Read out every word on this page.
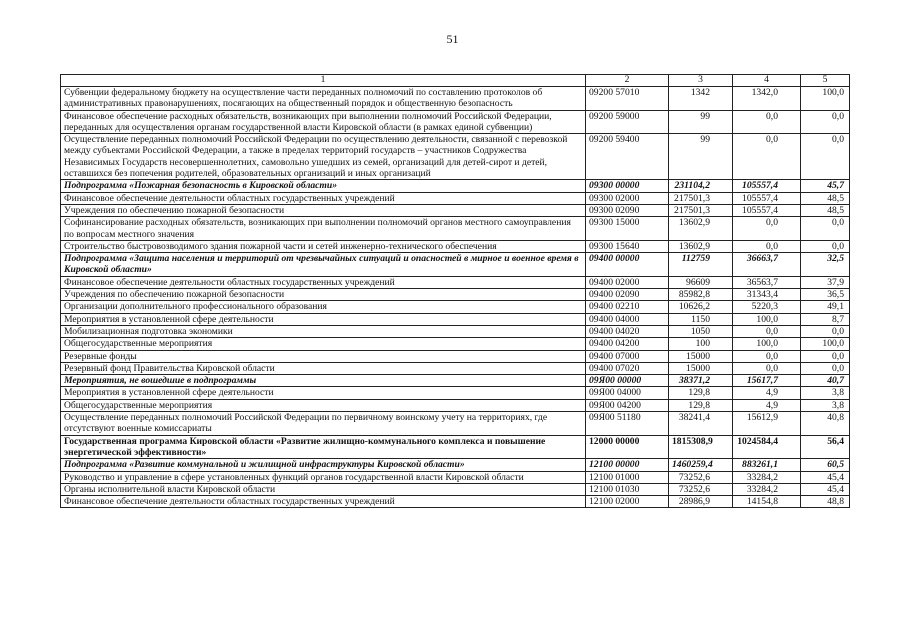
51
1	2	3	4	5
Субвенции федеральному бюджету на осуществление части переданных полномочий по составлению протоколов об административных правонарушениях, посягающих на общественный порядок и общественную безопасность	09200 57010	1342	1342,0	100,0
Финансовое обеспечение расходных обязательств, возникающих при выполнении полномочий Российской Федерации, переданных для осуществления органам государственной власти Кировской области (в рамках единой субвенции)	09200 59000	99	0,0	0,0
Осуществление переданных полномочий Российской Федерации по осуществлению деятельности, связанной с перевозкой между субъектами Российской Федерации, а также в пределах территорий государств – участников Содружества Независимых Государств несовершеннолетних, самовольно ушедших из семей, организаций для детей-сирот и детей, оставшихся без попечения родителей, образовательных организаций и иных организаций	09200 59400	99	0,0	0,0
Подпрограмма «Пожарная безопасность в Кировской области»	09300 00000	231104,2	105557,4	45,7
Финансовое обеспечение деятельности областных государственных учреждений	09300 02000	217501,3	105557,4	48,5
Учреждения по обеспечению пожарной безопасности	09300 02090	217501,3	105557,4	48,5
Софинансирование расходных обязательств, возникающих при выполнении полномочий органов местного самоуправления по вопросам местного значения	09300 15000	13602,9	0,0	0,0
Строительство быстровозводимого здания пожарной части и сетей инженерно-технического обеспечения	09300 15640	13602,9	0,0	0,0
Подпрограмма «Защита населения и территорий от чрезвычайных ситуаций и опасностей в мирное и военное время в Кировской области»	09400 00000	112759	36663,7	32,5
Финансовое обеспечение деятельности областных государственных учреждений	09400 02000	96609	36563,7	37,9
Учреждения по обеспечению пожарной безопасности	09400 02090	85982,8	31343,4	36,5
Организации дополнительного профессионального образования	09400 02210	10626,2	5220,3	49,1
Мероприятия в установленной сфере деятельности	09400 04000	1150	100,0	8,7
Мобилизационная подготовка экономики	09400 04020	1050	0,0	0,0
Общегосударственные мероприятия	09400 04200	100	100,0	100,0
Резервные фонды	09400 07000	15000	0,0	0,0
Резервный фонд Правительства Кировской области	09400 07020	15000	0,0	0,0
Мероприятия, не вошедшие в подпрограммы	09Я00 00000	38371,2	15617,7	40,7
Мероприятия в установленной сфере деятельности	09Я00 04000	129,8	4,9	3,8
Общегосударственные мероприятия	09Я00 04200	129,8	4,9	3,8
Осуществление переданных полномочий Российской Федерации по первичному воинскому учету на территориях, где отсутствуют военные комиссариаты	09Я00 51180	38241,4	15612,9	40,8
Государственная программа Кировской области «Развитие жилищно-коммунального комплекса и повышение энергетической эффективности»	12000 00000	1815308,9	1024584,4	56,4
Подпрограмма «Развитие коммунальной и жилищной инфраструктуры Кировской области»	12100 00000	1460259,4	883261,1	60,5
Руководство и управление в сфере установленных функций органов государственной власти Кировской области	12100 01000	73252,6	33284,2	45,4
Органы исполнительной власти Кировской области	12100 01030	73252,6	33284,2	45,4
Финансовое обеспечение деятельности областных государственных учреждений	12100 02000	28986,9	14154,8	48,8
